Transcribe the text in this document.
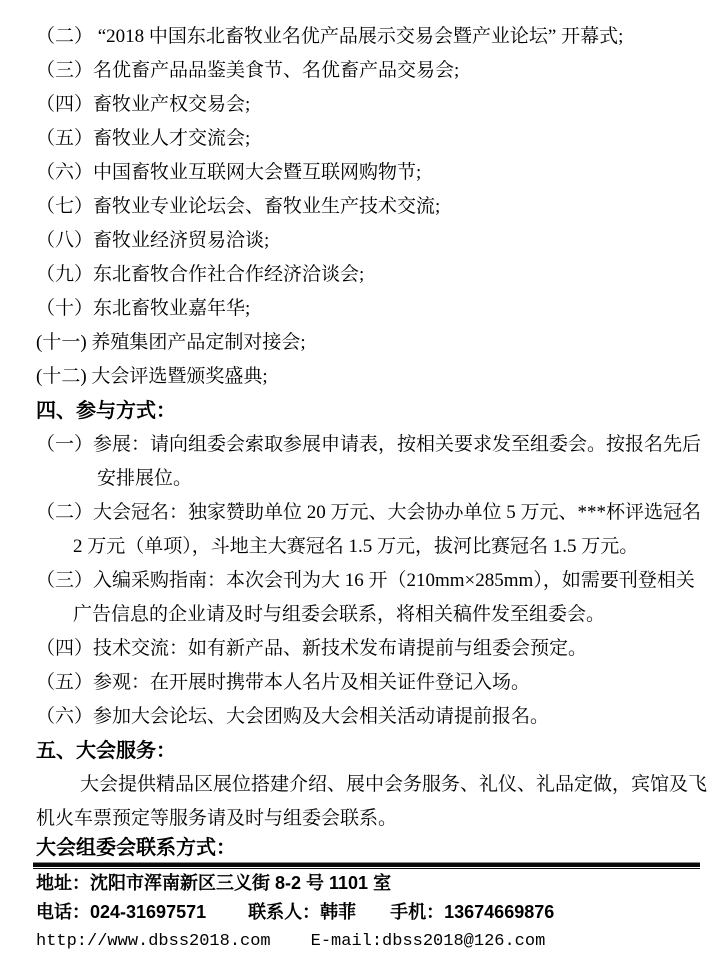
（二） “2018 中国东北畜牧业名优产品展示交易会暨产业论坛” 开幕式;
（三）名优畜产品品鉴美食节、名优畜产品交易会;
（四）畜牧业产权交易会;
（五）畜牧业人才交流会;
（六）中国畜牧业互联网大会暨互联网购物节;
（七）畜牧业专业论坛会、畜牧业生产技术交流;
（八）畜牧业经济贸易洽谈;
（九）东北畜牧合作社合作经济洽谈会;
（十）东北畜牧业嘉年华;
(十一) 养殖集团产品定制对接会;
(十二) 大会评选暨颁奖盛典;
四、参与方式：
（一）参展：请向组委会索取参展申请表，按相关要求发至组委会。按报名先后
安排展位。
（二）大会冠名：独家赞助单位 20 万元、大会协办单位 5 万元、***杯评选冠名
2 万元（单项），斗地主大赛冠名 1.5 万元，拔河比赛冠名 1.5 万元。
（三）入编采购指南：本次会刊为大 16 开（210mm×285mm），如需要刊登相关
广告信息的企业请及时与组委会联系，将相关稿件发至组委会。
（四）技术交流：如有新产品、新技术发布请提前与组委会预定。
（五）参观：在开展时携带本人名片及相关证件登记入场。
（六）参加大会论坛、大会团购及大会相关活动请提前报名。
五、大会服务：
大会提供精品区展位搭建介绍、展中会务服务、礼仪、礼品定做，宾馆及飞
机火车票预定等服务请及时与组委会联系。
大会组委会联系方式：
地址：沈阳市浑南新区三义街 8-2 号 1101 室
电话：024-31697571 联系人：韩菲 手机：13674669876
http://www.dbss2018.com E-mail:dbss2018@126.com
